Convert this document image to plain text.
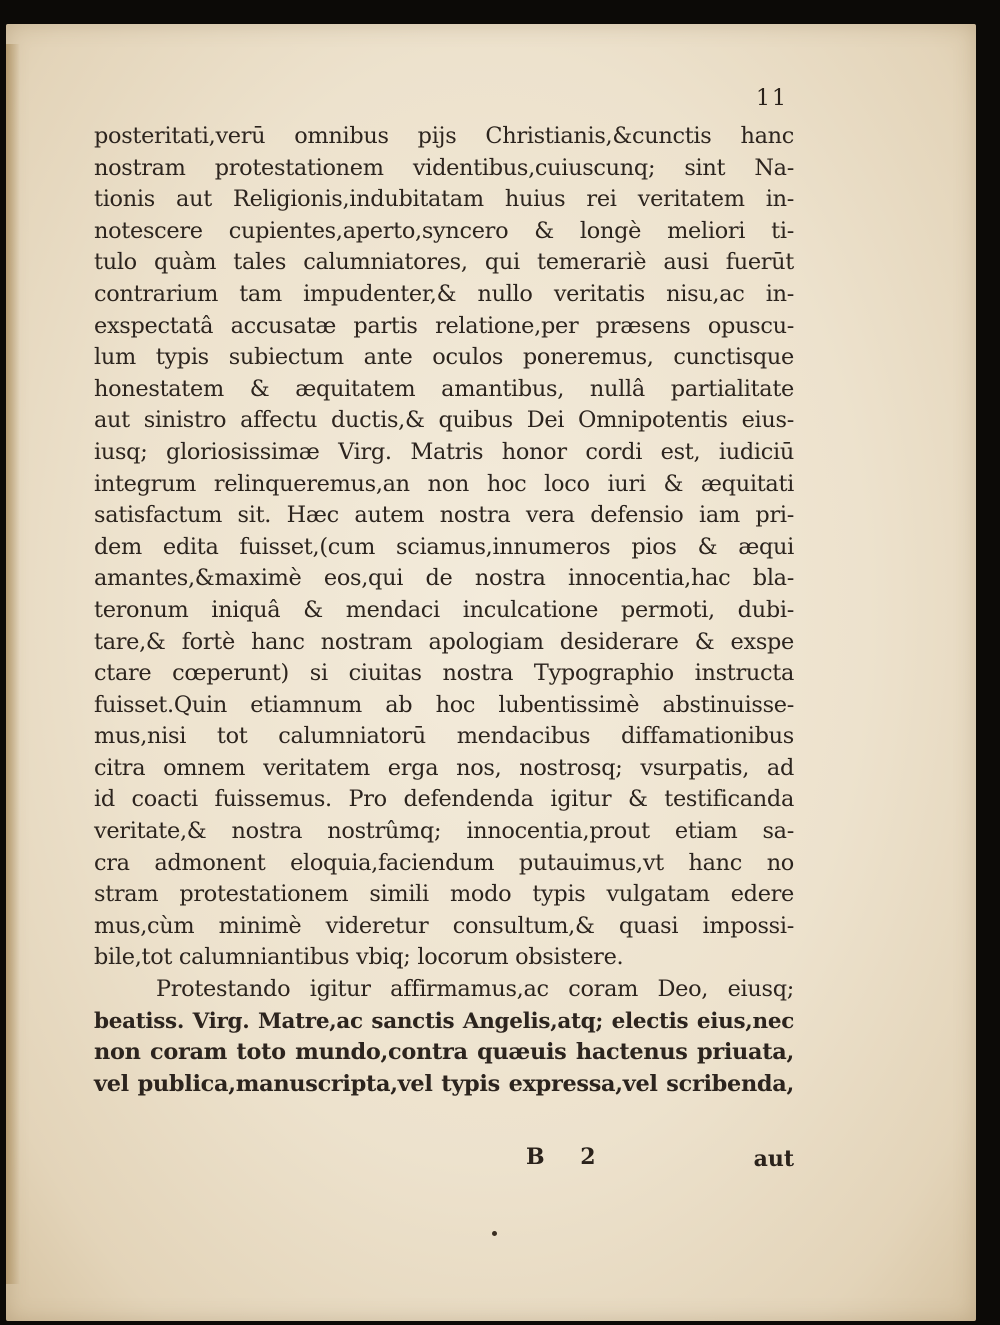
11
posteritati,verū omnibus pijs Christianis,&cunctis hanc
nostram protestationem videntibus,cuiuscunq; sint Na-
tionis aut Religionis,indubitatam huius rei veritatem in-
notescere cupientes,aperto,syncero & longè meliori ti-
tulo quàm tales calumniatores, qui temerariè ausi fuerūt
contrarium tam impudenter,& nullo veritatis nisu,ac in-
exspectatâ accusatæ partis relatione,per præsens opuscu-
lum typis subiectum ante oculos poneremus, cunctisque
honestatem & æquitatem amantibus, nullâ partialitate
aut sinistro affectu ductis,& quibus Dei Omnipotentis eius-
iusq; gloriosissimæ Virg. Matris honor cordi est, iudiciū
integrum relinqueremus,an non hoc loco iuri & æquitati
satisfactum sit. Hæc autem nostra vera defensio iam pri-
dem edita fuisset,(cum sciamus,innumeros pios & æqui
amantes,&maximè eos,qui de nostra innocentia,hac bla-
teronum iniquâ & mendaci inculcatione permoti, dubi-
tare,& fortè hanc nostram apologiam desiderare & exspe
ctare cœperunt) si ciuitas nostra Typographio instructa
fuisset.Quin etiamnum ab hoc lubentissimè abstinuisse-
mus,nisi tot calumniatorū mendacibus diffamationibus
citra omnem veritatem erga nos, nostrosq; vsurpatis, ad
id coacti fuissemus. Pro defendenda igitur & testificanda
veritate,& nostra nostrûmq; innocentia,prout etiam sa-
cra admonent eloquia,faciendum putauimus,vt hanc no
stram protestationem simili modo typis vulgatam edere
mus,cùm minimè videretur consultum,& quasi impossi-
bile,tot calumniantibus vbiq; locorum obsistere.
Protestando igitur affirmamus,ac coram Deo, eiusq;
beatiss. Virg. Matre,ac sanctis Angelis,atq; electis eius,nec
non coram toto mundo,contra quæuis hactenus priuata,
vel publica,manuscripta,vel typis expressa,vel scribenda,
B 2	aut
